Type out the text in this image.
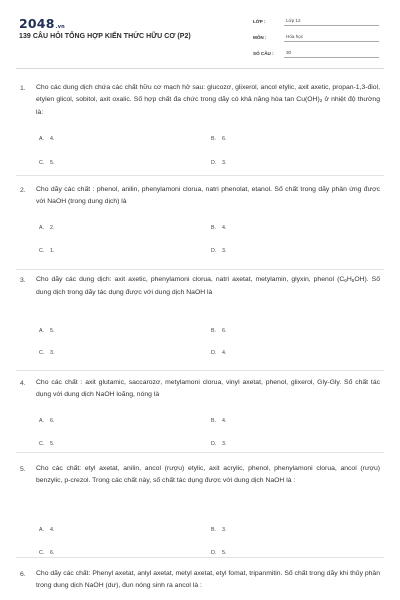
2048.vn
139 CÂU HỎI TỔNG HỢP KIẾN THỨC HỮU CƠ (P2)
LỚP :	Lớp 12
MÔN :	Hóa học
SỐ CÂU :	30
1.	Cho các dung dịch chứa các chất hữu cơ mạch hở sau: glucozơ, glixerol, ancol etylic, axit axetic, propan-1,3-điol, etylen glicol, sobitol, axit oxalic. Số hợp chất đa chức trong dãy có khả năng hòa $\tan Cu(OH)_2$ ở nhiệt độ thường là:
A. 4.	B. 6.
C. 5.	D. 3.
2.	Cho dãy các chất : phenol, anilin, phenylamoni clorua, natri phenolat, etanol. Số chất trong dãy phản ứng được với NaOH (trong dung dịch) là
A. 2.	B. 4.
C. 1.	D. 3.
3.	Cho dãy các dung dịch: axit axetic, phenylamoni clorua, natri axetat, metylamin, glyxin, phenol $(C_6H_5OH)$. Số dung dịch trong dãy tác dụng được với dung dịch NaOH là
A. 5.	B. 6.
C. 3.	D. 4.
4.	Cho các chất : axit glutamic, saccarozơ, metylamoni clorua, vinyl axetat, phenol, glixerol, Gly-Gly. Số chất tác dụng với dung dịch NaOH loãng, nóng là
A. 6.	B. 4.
C. 5.	D. 3.
5.	Cho các chất: etyl axetat, anilin, ancol (rượu) etylic, axit acrylic, phenol, phenylamoni clorua, ancol (rượu) benzylic, p-crezol. Trong các chất này, số chất tác dụng được với dung dịch NaOH là :
A. 4.	B. 3.
C. 6.	D. 5.
6.	Cho dãy các chất: Phenyl axetat, anlyl axetat, metyl axetat, etyl fomat, tripanmitin. Số chất trong dãy khi thủy phân trong dung dịch NaOH (dư), đun nóng sinh ra ancol là :
